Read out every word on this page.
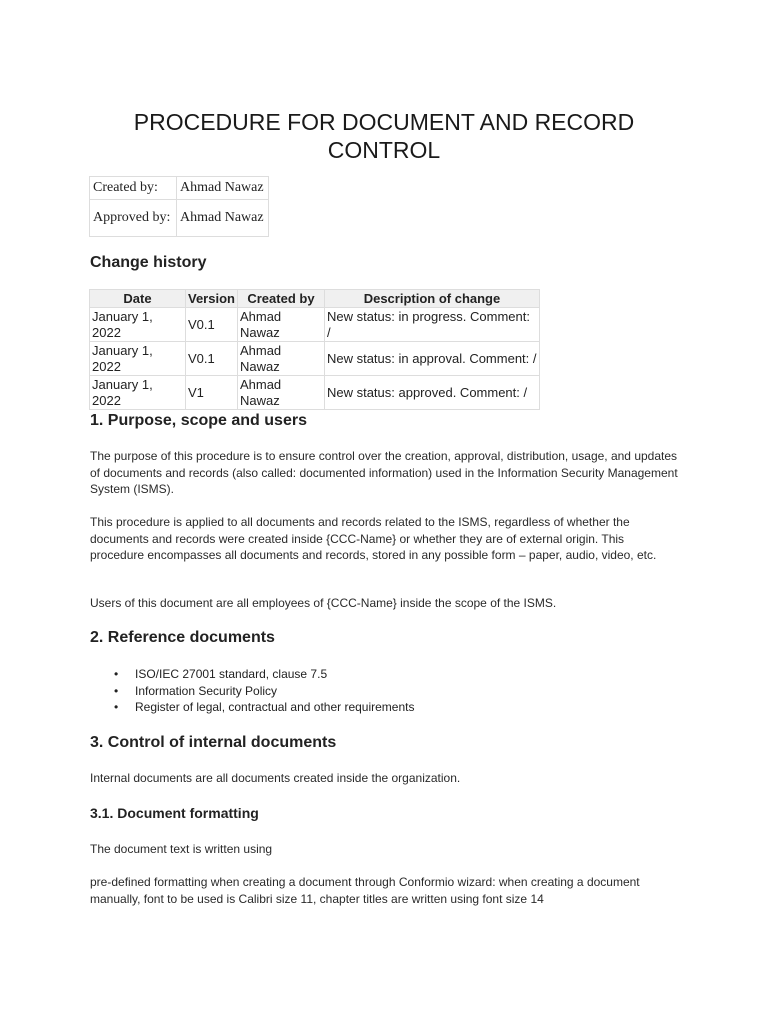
PROCEDURE FOR DOCUMENT AND RECORD
CONTROL
Created by:	Ahmad Nawaz
Approved by:	Ahmad Nawaz
Change history
Date	Version	Created by	Description of change
January 1, 2022	V0.1	Ahmad Nawaz	New status: in progress. Comment: /
January 1, 2022	V0.1	Ahmad Nawaz	New status: in approval. Comment: /
January 1, 2022	V1	Ahmad Nawaz	New status: approved. Comment: /
1. Purpose, scope and users

The purpose of this procedure is to ensure control over the creation, approval, distribution, usage, and updates of documents and records (also called: documented information) used in the Information Security Management System (ISMS).

This procedure is applied to all documents and records related to the ISMS, regardless of whether the documents and records were created inside {CCC-Name} or whether they are of external origin. This procedure encompasses all documents and records, stored in any possible form – paper, audio, video, etc.

Users of this document are all employees of {CCC-Name} inside the scope of the ISMS.

2. Reference documents
• ISO/IEC 27001 standard, clause 7.5
• Information Security Policy
• Register of legal, contractual and other requirements
3. Control of internal documents

Internal documents are all documents created inside the organization.

3.1. Document formatting

The document text is written using

pre-defined formatting when creating a document through Conformio wizard: when creating a document manually, font to be used is Calibri size 11, chapter titles are written using font size 14
